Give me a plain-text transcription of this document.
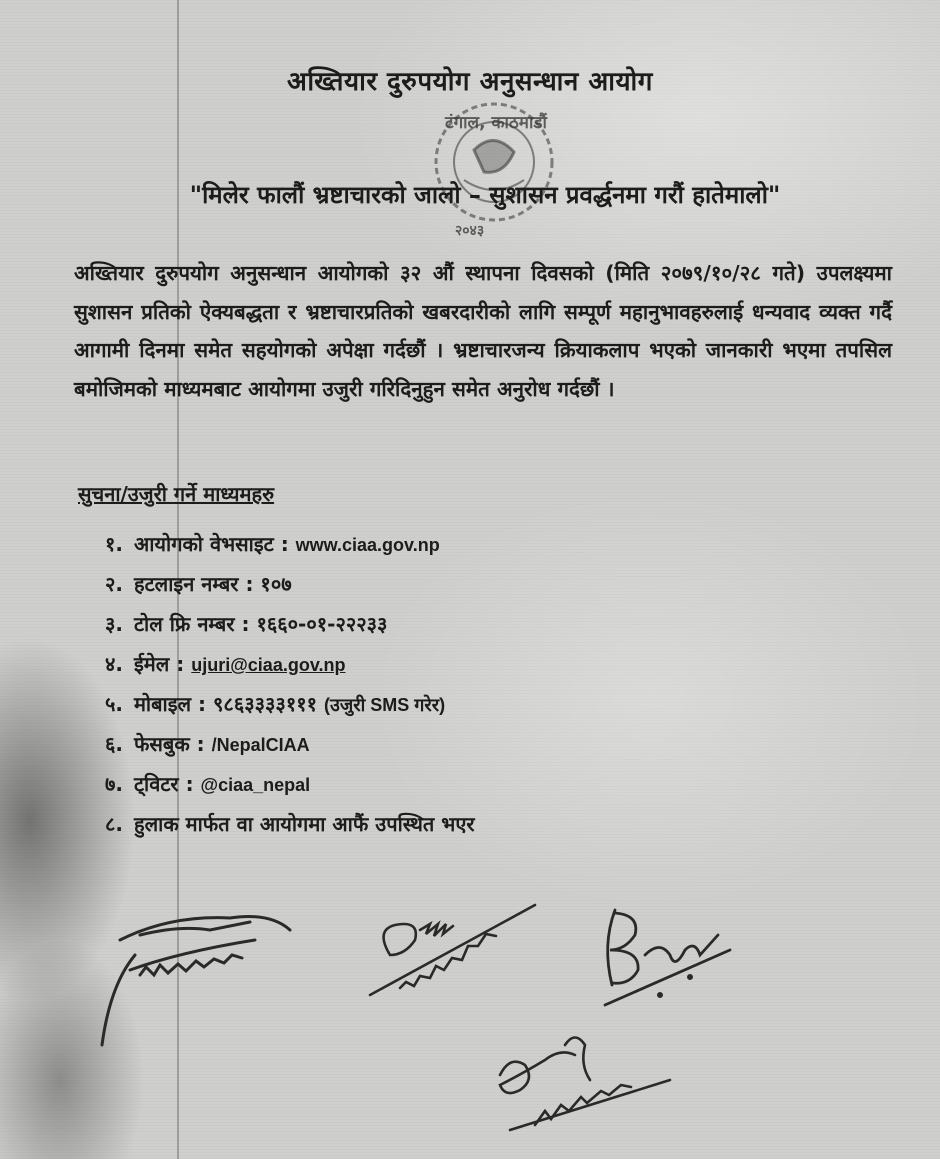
अख्तियार दुरुपयोग अनुसन्धान आयोग
टंगाल, काठमाडौं
२०४३
"मिलेर फालौं भ्रष्टाचारको जालो – सुशासन प्रवर्द्धनमा गरौं हातेमालो"

अख्तियार दुरुपयोग अनुसन्धान आयोगको ३२ औं स्थापना दिवसको (मिति २०७९/१०/२८ गते) उपलक्ष्यमा सुशासन प्रतिको ऐक्यबद्धता र भ्रष्टाचारप्रतिको खबरदारीको लागि सम्पूर्ण महानुभावहरुलाई धन्यवाद व्यक्त गर्दै आगामी दिनमा समेत सहयोगको अपेक्षा गर्दछौं । भ्रष्टाचारजन्य क्रियाकलाप भएको जानकारी भएमा तपसिल बमोजिमको माध्यमबाट आयोगमा उजुरी गरिदिनुहुन समेत अनुरोध गर्दछौं ।

सुचना/उजुरी गर्ने माध्यमहरु
१. आयोगको वेभसाइट : www.ciaa.gov.np
२. हटलाइन नम्बर : १०७
३. टोल फ्रि नम्बर : १६६०-०१-२२२३३
४. ईमेल : ujuri@ciaa.gov.np
५. मोबाइल : ९८६३३३३१११ (उजुरी SMS गरेर)
६. फेसबुक : /NepalCIAA
७. ट्विटर : @ciaa_nepal
८. हुलाक मार्फत वा आयोगमा आफैं उपस्थित भएर
